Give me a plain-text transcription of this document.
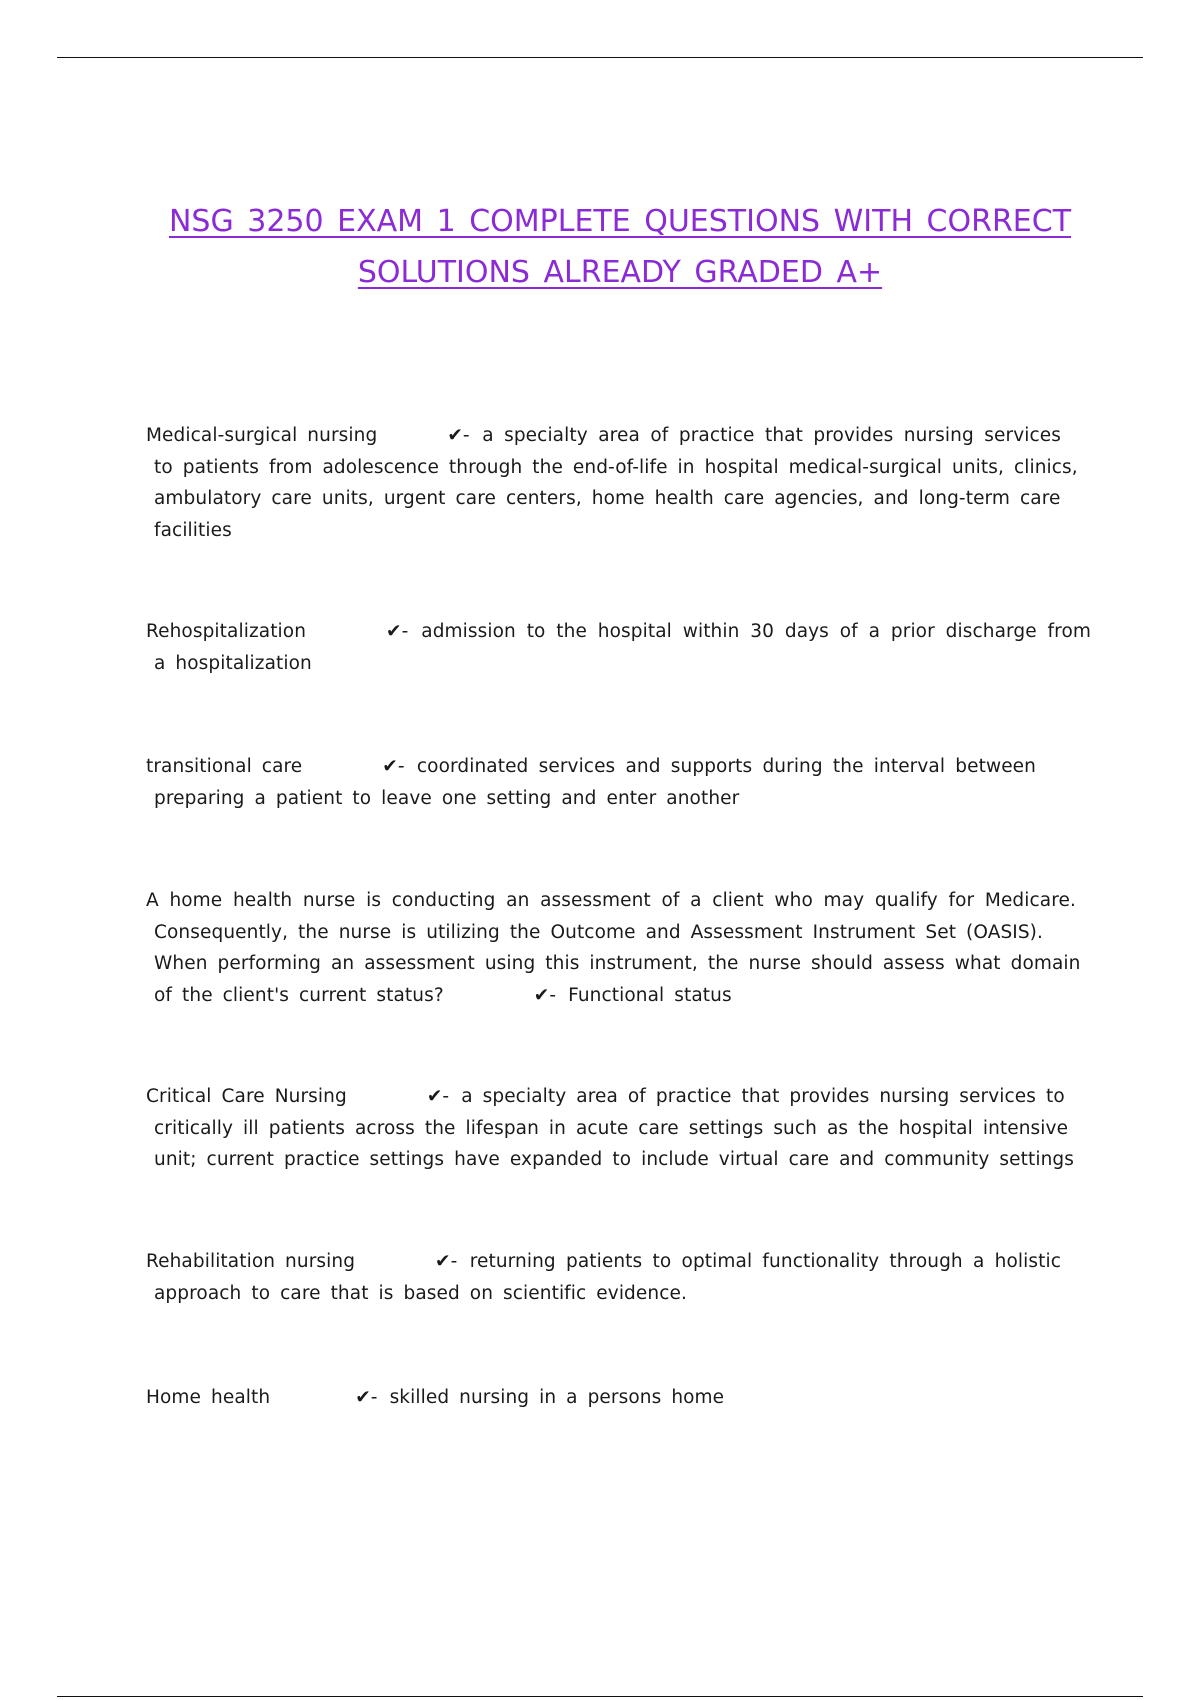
NSG 3250 EXAM 1 COMPLETE QUESTIONS WITH CORRECT
SOLUTIONS ALREADY GRADED A+
Medical-surgical nursing	✔- a specialty area of practice that provides nursing services
to patients from adolescence through the end-of-life in hospital medical-surgical units, clinics,
ambulatory care units, urgent care centers, home health care agencies, and long-term care
facilities
Rehospitalization	✔- admission to the hospital within 30 days of a prior discharge from
a hospitalization
transitional care	✔- coordinated services and supports during the interval between
preparing a patient to leave one setting and enter another
A home health nurse is conducting an assessment of a client who may qualify for Medicare.
Consequently, the nurse is utilizing the Outcome and Assessment Instrument Set (OASIS).
When performing an assessment using this instrument, the nurse should assess what domain
of the client's current status?	✔- Functional status
Critical Care Nursing	✔- a specialty area of practice that provides nursing services to
critically ill patients across the lifespan in acute care settings such as the hospital intensive
unit; current practice settings have expanded to include virtual care and community settings
Rehabilitation nursing	✔- returning patients to optimal functionality through a holistic
approach to care that is based on scientific evidence.
Home health	✔- skilled nursing in a persons home
